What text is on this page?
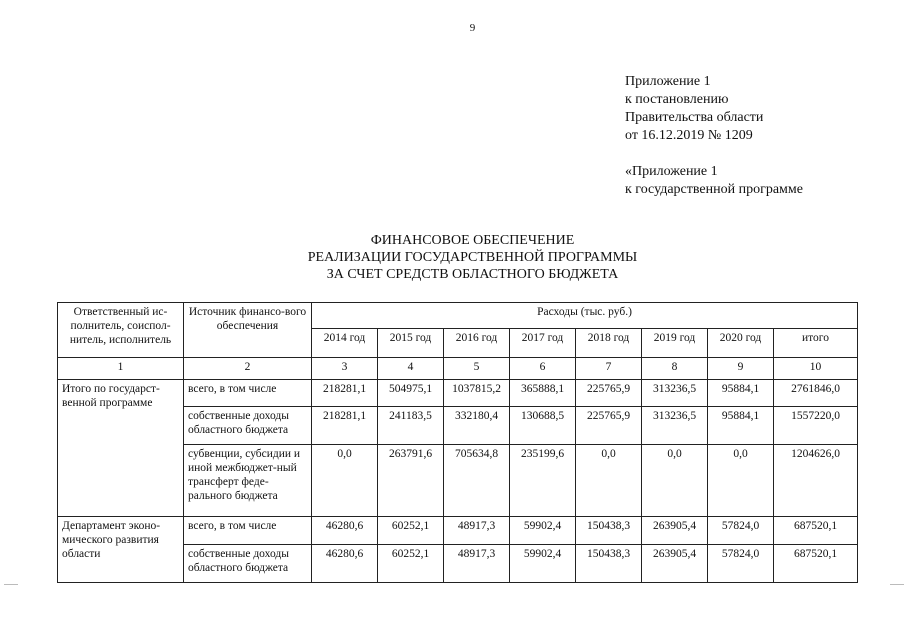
9
Приложение 1
к постановлению
Правительства области
от 16.12.2019 № 1209
«Приложение 1
к государственной программе
ФИНАНСОВОЕ ОБЕСПЕЧЕНИЕ
РЕАЛИЗАЦИИ ГОСУДАРСТВЕННОЙ ПРОГРАММЫ
ЗА СЧЕТ СРЕДСТВ ОБЛАСТНОГО БЮДЖЕТА
Ответственный ис-полнитель, соиспол-нитель, исполнитель	Источник финансо-вого обеспечения	Расходы (тыс. руб.)							
		2014 год	2015 год	2016 год	2017 год	2018 год	2019 год	2020 год	итого
1	2	3	4	5	6	7	8	9	10
Итого по государст-венной программе	всего, в том числе	218281,1	504975,1	1037815,2	365888,1	225765,9	313236,5	95884,1	2761846,0
	собственные доходы областного бюджета	218281,1	241183,5	332180,4	130688,5	225765,9	313236,5	95884,1	1557220,0
	субвенции, субсидии и иной межбюджет-ный трансферт феде-рального бюджета	0,0	263791,6	705634,8	235199,6	0,0	0,0	0,0	1204626,0
Департамент эконо-мического развития области	всего, в том числе	46280,6	60252,1	48917,3	59902,4	150438,3	263905,4	57824,0	687520,1
	собственные доходы областного бюджета	46280,6	60252,1	48917,3	59902,4	150438,3	263905,4	57824,0	687520,1
